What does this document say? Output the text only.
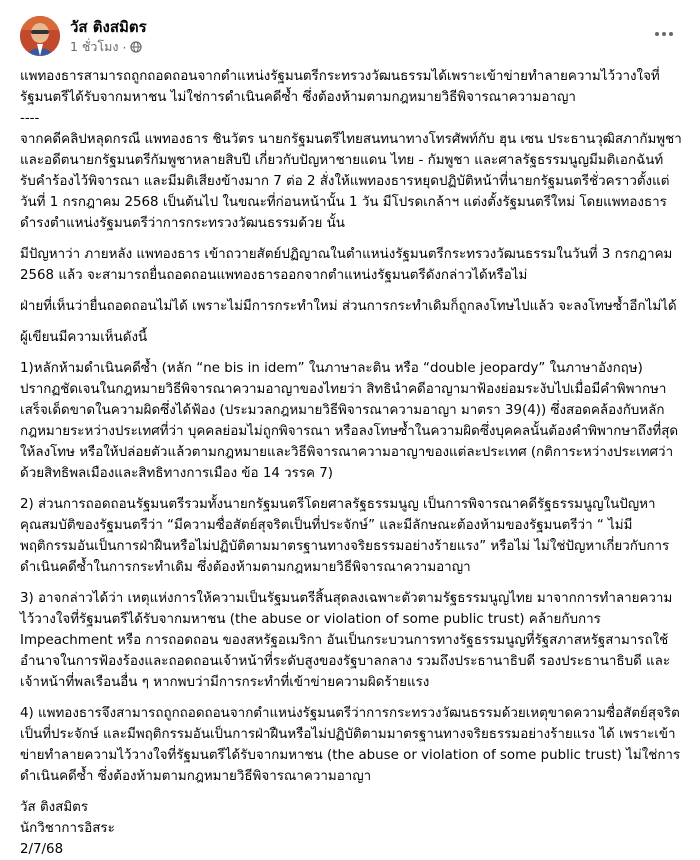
วัส ติงสมิตร
1 ชั่วโมง ·

แพทองธารสามารถถูกถอดถอนจากตำแหน่งรัฐมนตรีกระทรวงวัฒนธรรมได้เพราะเข้าข่ายทำลายความไว้วางใจที่รัฐมนตรีได้รับจากมหาชน ไม่ใช่การดำเนินคดีซ้ำ ซึ่งต้องห้ามตามกฎหมายวิธีพิจารณาความอาญา
----
จากคดีคลิปหลุดกรณี แพทองธาร ชินวัตร นายกรัฐมนตรีไทยสนทนาทางโทรศัพท์กับ ฮุน เซน ประธานวุฒิสภากัมพูชาและอดีตนายกรัฐมนตรีกัมพูชาหลายสิบปี เกี่ยวกับปัญหาชายแดน ไทย - กัมพูชา และศาลรัฐธรรมนูญมีมติเอกฉันท์รับคำร้องไว้พิจารณา และมีมติเสียงข้างมาก 7 ต่อ 2 สั่งให้แพทองธารหยุดปฏิบัติหน้าที่นายกรัฐมนตรีชั่วคราวตั้งแต่วันที่ 1 กรกฎาคม 2568 เป็นต้นไป ในขณะที่ก่อนหน้านั้น 1 วัน มีโปรดเกล้าฯ แต่งตั้งรัฐมนตรีใหม่ โดยแพทองธารดำรงตำแหน่งรัฐมนตรีว่าการกระทรวงวัฒนธรรมด้วย นั้น

มีปัญหาว่า ภายหลัง แพทองธาร เข้าถวายสัตย์ปฏิญาณในตำแหน่งรัฐมนตรีกระทรวงวัฒนธรรมในวันที่ 3 กรกฎาคม 2568 แล้ว จะสามารถยื่นถอดถอนแพทองธารออกจากตำแหน่งรัฐมนตรีดังกล่าวได้หรือไม่

ฝ่ายที่เห็นว่ายื่นถอดถอนไม่ได้ เพราะไม่มีการกระทำใหม่ ส่วนการกระทำเดิมก็ถูกลงโทษไปแล้ว จะลงโทษซ้ำอีกไม่ได้

ผู้เขียนมีความเห็นดังนี้

1)หลักห้ามดำเนินคดีซ้ำ (หลัก “ne bis in idem” ในภาษาละติน หรือ “double jeopardy” ในภาษาอังกฤษ) ปรากฏชัดเจนในกฎหมายวิธีพิจารณาความอาญาของไทยว่า สิทธินำคดีอาญามาฟ้องย่อมระงับไปเมื่อมีคำพิพากษาเสร็จเด็ดขาดในความผิดซึ่งได้ฟ้อง (ประมวลกฎหมายวิธีพิจารณาความอาญา มาตรา 39(4)) ซึ่งสอดคล้องกับหลักกฎหมายระหว่างประเทศที่ว่า บุคคลย่อมไม่ถูกพิจารณา หรือลงโทษซ้ำในความผิดซึ่งบุคคลนั้นต้องคำพิพากษาถึงที่สุดให้ลงโทษ หรือให้ปล่อยตัวแล้วตามกฎหมายและวิธีพิจารณาความอาญาของแต่ละประเทศ (กติการะหว่างประเทศว่าด้วยสิทธิพลเมืองและสิทธิทางการเมือง ข้อ 14 วรรค 7)

2) ส่วนการถอดถอนรัฐมนตรีรวมทั้งนายกรัฐมนตรีโดยศาลรัฐธรรมนูญ เป็นการพิจารณาคดีรัฐธรรมนูญในปัญหาคุณสมบัติของรัฐมนตรีว่า “มีความซื่อสัตย์สุจริตเป็นที่ประจักษ์” และมีลักษณะต้องห้ามของรัฐมนตรีว่า “ ไม่มีพฤติกรรมอันเป็นการฝ่าฝืนหรือไม่ปฏิบัติตามมาตรฐานทางจริยธรรมอย่างร้ายแรง” หรือไม่ ไม่ใช่ปัญหาเกี่ยวกับการดำเนินคดีซ้ำในการกระทำเดิม ซึ่งต้องห้ามตามกฎหมายวิธีพิจารณาความอาญา

3) อาจกล่าวได้ว่า เหตุแห่งการให้ความเป็นรัฐมนตรีสิ้นสุดลงเฉพาะตัวตามรัฐธรรมนูญไทย มาจากการทำลายความไว้วางใจที่รัฐมนตรีได้รับจากมหาชน (the abuse or violation of some public trust) คล้ายกับการ Impeachment หรือ การถอดถอน ของสหรัฐอเมริกา อันเป็นกระบวนการทางรัฐธรรมนูญที่รัฐสภาสหรัฐสามารถใช้อำนาจในการฟ้องร้องและถอดถอนเจ้าหน้าที่ระดับสูงของรัฐบาลกลาง รวมถึงประธานาธิบดี รองประธานาธิบดี และเจ้าหน้าที่พลเรือนอื่น ๆ หากพบว่ามีการกระทำที่เข้าข่ายความผิดร้ายแรง

4) แพทองธารจึงสามารถถูกถอดถอนจากตำแหน่งรัฐมนตรีว่าการกระทรวงวัฒนธรรมด้วยเหตุขาดความซื่อสัตย์สุจริตเป็นที่ประจักษ์ และมีพฤติกรรมอันเป็นการฝ่าฝืนหรือไม่ปฏิบัติตามมาตรฐานทางจริยธรรมอย่างร้ายแรง ได้ เพราะเข้าข่ายทำลายความไว้วางใจที่รัฐมนตรีได้รับจากมหาชน (the abuse or violation of some public trust) ไม่ใช่การดำเนินคดีซ้ำ ซึ่งต้องห้ามตามกฎหมายวิธีพิจารณาความอาญา

วัส ติงสมิตร

นักวิชาการอิสระ

2/7/68
